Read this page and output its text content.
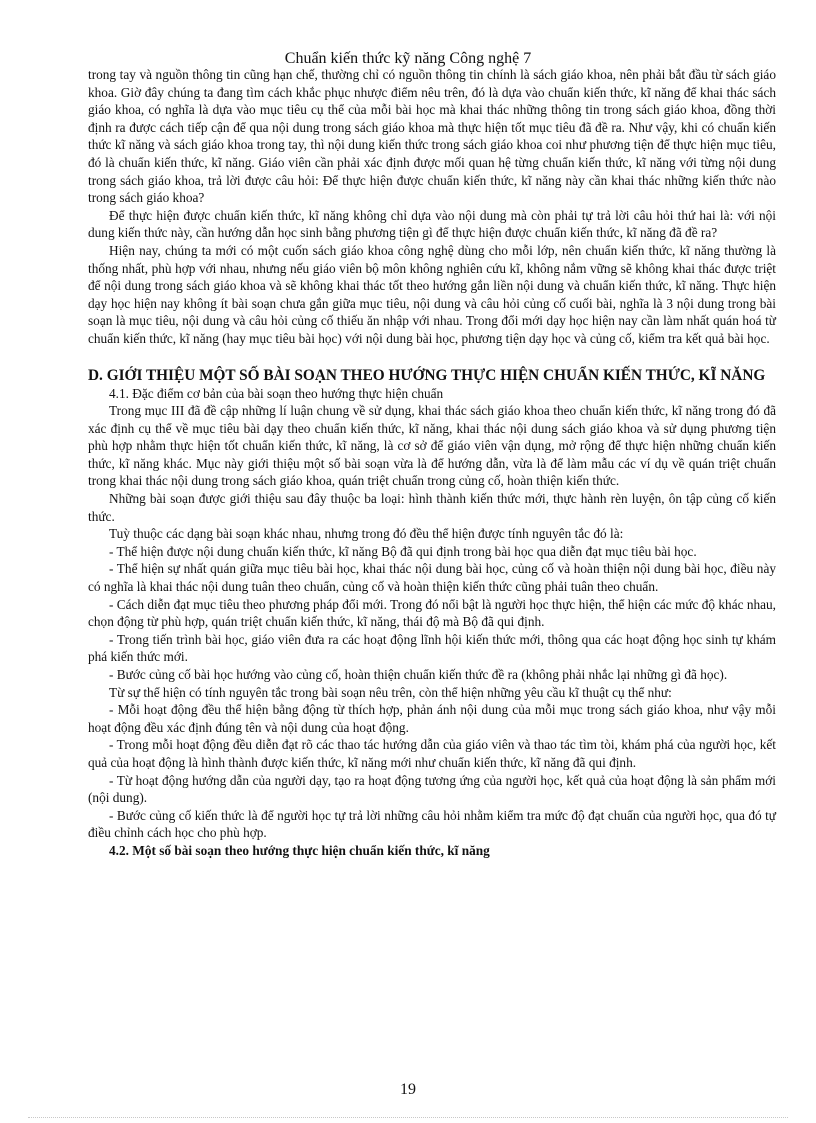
Chuẩn kiến thức kỹ năng Công nghệ 7

trong tay và nguồn thông tin cũng hạn chế, thường chỉ có nguồn thông tin chính là sách giáo khoa, nên phải bắt đầu từ sách giáo khoa. Giờ đây chúng ta đang tìm cách khắc phục nhược điểm nêu trên, đó là dựa vào chuẩn kiến thức, kĩ năng để khai thác sách giáo khoa, có nghĩa là dựa vào mục tiêu cụ thể của mỗi bài học mà khai thác những thông tin trong sách giáo khoa, đồng thời định ra được cách tiếp cận để qua nội dung trong sách giáo khoa mà thực hiện tốt mục tiêu đã đề ra. Như vậy, khi có chuẩn kiến thức kĩ năng và sách giáo khoa trong tay, thì nội dung kiến thức trong sách giáo khoa coi như phương tiện để thực hiện mục tiêu, đó là chuẩn kiến thức, kĩ năng. Giáo viên cần phải xác định được mối quan hệ từng chuẩn kiến thức, kĩ năng với từng nội dung trong sách giáo khoa, trả lời được câu hỏi: Để thực hiện được chuẩn kiến thức, kĩ năng này cần khai thác những kiến thức nào trong sách giáo khoa?

Để thực hiện được chuẩn kiến thức, kĩ năng không chỉ dựa vào nội dung mà còn phải tự trả lời câu hỏi thứ hai là: với nội dung kiến thức này, cần hướng dẫn học sinh bằng phương tiện gì để thực hiện được chuẩn kiến thức, kĩ năng đã đề ra?

Hiện nay, chúng ta mới có một cuốn sách giáo khoa công nghệ dùng cho mỗi lớp, nên chuẩn kiến thức, kĩ năng thường là thống nhất, phù hợp với nhau, nhưng nếu giáo viên bộ môn không nghiên cứu kĩ, không nắm vững sẽ không khai thác được triệt để nội dung trong sách giáo khoa và sẽ không khai thác tốt theo hướng gắn liền nội dung và chuẩn kiến thức, kĩ năng. Thực hiện dạy học hiện nay không ít bài soạn chưa gắn giữa mục tiêu, nội dung và câu hỏi củng cố cuối bài, nghĩa là 3 nội dung trong bài soạn là mục tiêu, nội dung và câu hỏi củng cố thiếu ăn nhập với nhau. Trong đổi mới dạy học hiện nay cần làm nhất quán hoá từ chuẩn kiến thức, kĩ năng (hay mục tiêu bài học) với nội dung bài học, phương tiện dạy học và củng cố, kiểm tra kết quả bài học.

D. GIỚI THIỆU MỘT SỐ BÀI SOẠN THEO HƯỚNG THỰC HIỆN CHUẨN KIẾN THỨC, KĨ NĂNG

4.1. Đặc điểm cơ bản của bài soạn theo hướng thực hiện chuẩn

Trong mục III đã đề cập những lí luận chung về sử dụng, khai thác sách giáo khoa theo chuẩn kiến thức, kĩ năng trong đó đã xác định cụ thể về mục tiêu bài dạy theo chuẩn kiến thức, kĩ năng, khai thác nội dung sách giáo khoa và sử dụng phương tiện phù hợp nhằm thực hiện tốt chuẩn kiến thức, kĩ năng, là cơ sở để giáo viên vận dụng, mở rộng để thực hiện những chuẩn kiến thức, kĩ năng khác. Mục này giới thiệu một số bài soạn vừa là để hướng dẫn, vừa là để làm mẫu các ví dụ về quán triệt chuẩn trong khai thác nội dung trong sách giáo khoa, quán triệt chuẩn trong củng cố, hoàn thiện kiến thức.

Những bài soạn được giới thiệu sau đây thuộc ba loại: hình thành kiến thức mới, thực hành rèn luyện, ôn tập củng cố kiến thức.

Tuỳ thuộc các dạng bài soạn khác nhau, nhưng trong đó đều thể hiện được tính nguyên tắc đó là:

- Thể hiện được nội dung chuẩn kiến thức, kĩ năng Bộ đã qui định trong bài học qua diễn đạt mục tiêu bài học.

- Thể hiện sự nhất quán giữa mục tiêu bài học, khai thác nội dung bài học, củng cố và hoàn thiện nội dung bài học, điều này có nghĩa là khai thác nội dung tuân theo chuẩn, củng cố và hoàn thiện kiến thức cũng phải tuân theo chuẩn.

- Cách diễn đạt mục tiêu theo phương pháp đổi mới. Trong đó nổi bật là người học thực hiện, thể hiện các mức độ khác nhau, chọn động từ phù hợp, quán triệt chuẩn kiến thức, kĩ năng, thái độ mà Bộ đã qui định.

- Trong tiến trình bài học, giáo viên đưa ra các hoạt động lĩnh hội kiến thức mới, thông qua các hoạt động học sinh tự khám phá kiến thức mới.

- Bước củng cố bài học hướng vào củng cố, hoàn thiện chuẩn kiến thức đề ra (không phải nhắc lại những gì đã học).

Từ sự thể hiện có tính nguyên tắc trong bài soạn nêu trên, còn thể hiện những yêu cầu kĩ thuật cụ thể như:

- Mỗi hoạt động đều thể hiện bằng động từ thích hợp, phản ánh nội dung của mỗi mục trong sách giáo khoa, như vậy mỗi hoạt động đều xác định đúng tên và nội dung của hoạt động.

- Trong mỗi hoạt động đều diễn đạt rõ các thao tác hướng dẫn của giáo viên và thao tác tìm tòi, khám phá của người học, kết quả của hoạt động là hình thành được kiến thức, kĩ năng mới như chuẩn kiến thức, kĩ năng đã qui định.

- Từ hoạt động hướng dẫn của người dạy, tạo ra hoạt động tương ứng của người học, kết quả của hoạt động là sản phẩm mới (nội dung).

- Bước củng cố kiến thức là để người học tự trả lời những câu hỏi nhằm kiểm tra mức độ đạt chuẩn của người học, qua đó tự điều chỉnh cách học cho phù hợp.

4.2. Một số bài soạn theo hướng thực hiện chuẩn kiến thức, kĩ năng

19
